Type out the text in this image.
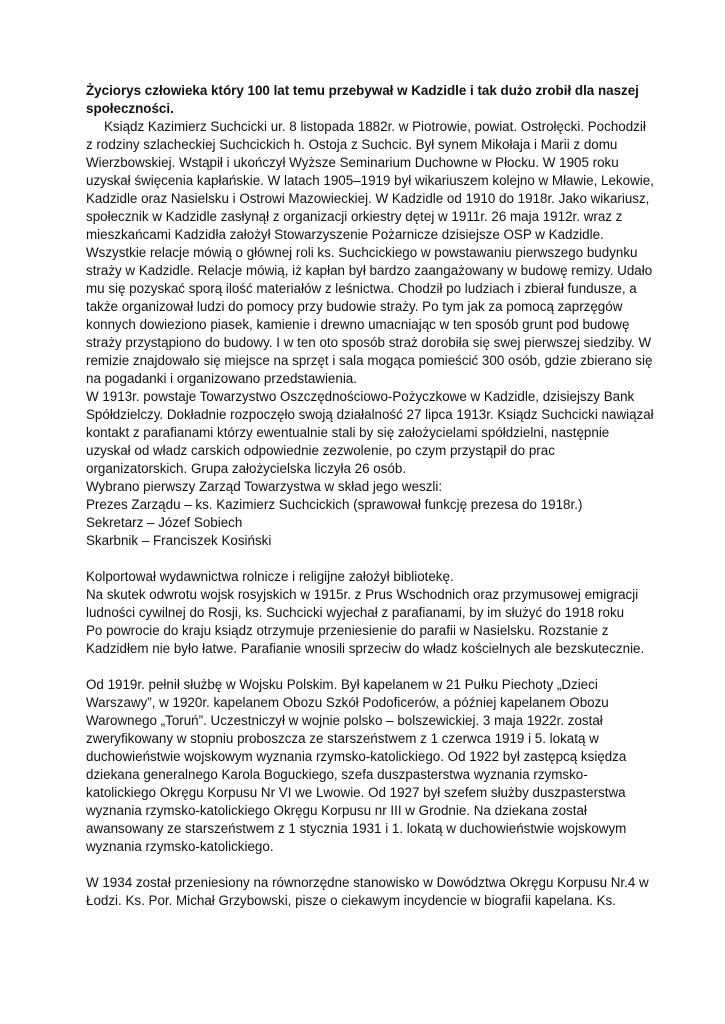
Życiorys człowieka który 100 lat temu przebywał w Kadzidle i tak dużo zrobił dla naszej społeczności.

Ksiądz Kazimierz Suchcicki ur. 8 listopada 1882r. w Piotrowie, powiat. Ostrołęcki. Pochodził z rodziny szlacheckiej Suchcickich h. Ostoja z Suchcic. Był synem Mikołaja i Marii z domu Wierzbowskiej. Wstąpił i ukończył Wyższe Seminarium Duchowne w Płocku. W 1905 roku uzyskał święcenia kapłańskie. W latach 1905–1919 był wikariuszem kolejno w Mławie, Lekowie, Kadzidle oraz Nasielsku i Ostrowi Mazowieckiej. W Kadzidle od 1910 do 1918r. Jako wikariusz, społecznik w Kadzidle zasłynął z organizacji orkiestry dętej w 1911r. 26 maja 1912r. wraz z mieszkańcami Kadzidła założył Stowarzyszenie Pożarnicze dzisiejsze OSP w Kadzidle. Wszystkie relacje mówią o głównej roli ks. Suchcickiego w powstawaniu pierwszego budynku straży w Kadzidle. Relacje mówią, iż kapłan był bardzo zaangażowany w budowę remizy. Udało mu się pozyskać sporą ilość materiałów z leśnictwa. Chodził po ludziach i zbierał fundusze, a także organizował ludzi do pomocy przy budowie straży. Po tym jak za pomocą zaprzęgów konnych dowieziono piasek, kamienie i drewno umacniając w ten sposób grunt pod budowę straży przystąpiono do budowy. I w ten oto sposób straż dorobiła się swej pierwszej siedziby. W remizie znajdowało się miejsce na sprzęt i sala mogąca pomieścić 300 osób, gdzie zbierano się na pogadanki i organizowano przedstawienia.

W 1913r. powstaje Towarzystwo Oszczędnościowo-Pożyczkowe w Kadzidle, dzisiejszy Bank Spółdzielczy. Dokładnie rozpoczęło swoją działalność 27 lipca 1913r. Ksiądz Suchcicki nawiązał kontakt z parafianami którzy ewentualnie stali by się założycielami spółdzielni, następnie uzyskał od władz carskich odpowiednie zezwolenie, po czym przystąpił do prac organizatorskich. Grupa założycielska liczyła 26 osób.

Wybrano pierwszy Zarząd Towarzystwa w skład jego weszli:

Prezes Zarządu – ks. Kazimierz Suchcickich (sprawował funkcję prezesa do 1918r.)

Sekretarz – Józef Sobiech

Skarbnik – Franciszek Kosiński

Kolportował wydawnictwa rolnicze i religijne założył bibliotekę.

Na skutek odwrotu wojsk rosyjskich w 1915r. z Prus Wschodnich oraz przymusowej emigracji ludności cywilnej do Rosji, ks. Suchcicki wyjechał z parafianami, by im służyć do 1918 roku

Po powrocie do kraju ksiądz otrzymuje przeniesienie do parafii w Nasielsku. Rozstanie z Kadzidłem nie było łatwe. Parafianie wnosili sprzeciw do władz kościelnych ale bezskutecznie.

Od 1919r. pełnił służbę w Wojsku Polskim. Był kapelanem w 21 Pułku Piechoty „Dzieci Warszawy”, w 1920r. kapelanem Obozu Szkół Podoficerów, a później kapelanem Obozu Warownego „Toruń”. Uczestniczył w wojnie polsko – bolszewickiej. 3 maja 1922r. został zweryfikowany w stopniu proboszcza ze starszeństwem z 1 czerwca 1919 i 5. lokatą w duchowieństwie wojskowym wyznania rzymsko-katolickiego. Od 1922 był zastępcą księdza dziekana generalnego Karola Boguckiego, szefa duszpasterstwa wyznania rzymsko-katolickiego Okręgu Korpusu Nr VI we Lwowie. Od 1927 był szefem służby duszpasterstwa wyznania rzymsko-katolickiego Okręgu Korpusu nr III w Grodnie. Na dziekana został awansowany ze starszeństwem z 1 stycznia 1931 i 1. lokatą w duchowieństwie wojskowym wyznania rzymsko-katolickiego.

W 1934 został przeniesiony na równorzędne stanowisko w Dowództwa Okręgu Korpusu Nr.4 w Łodzi. Ks. Por. Michał Grzybowski, pisze o ciekawym incydencie w biografii kapelana. Ks.
